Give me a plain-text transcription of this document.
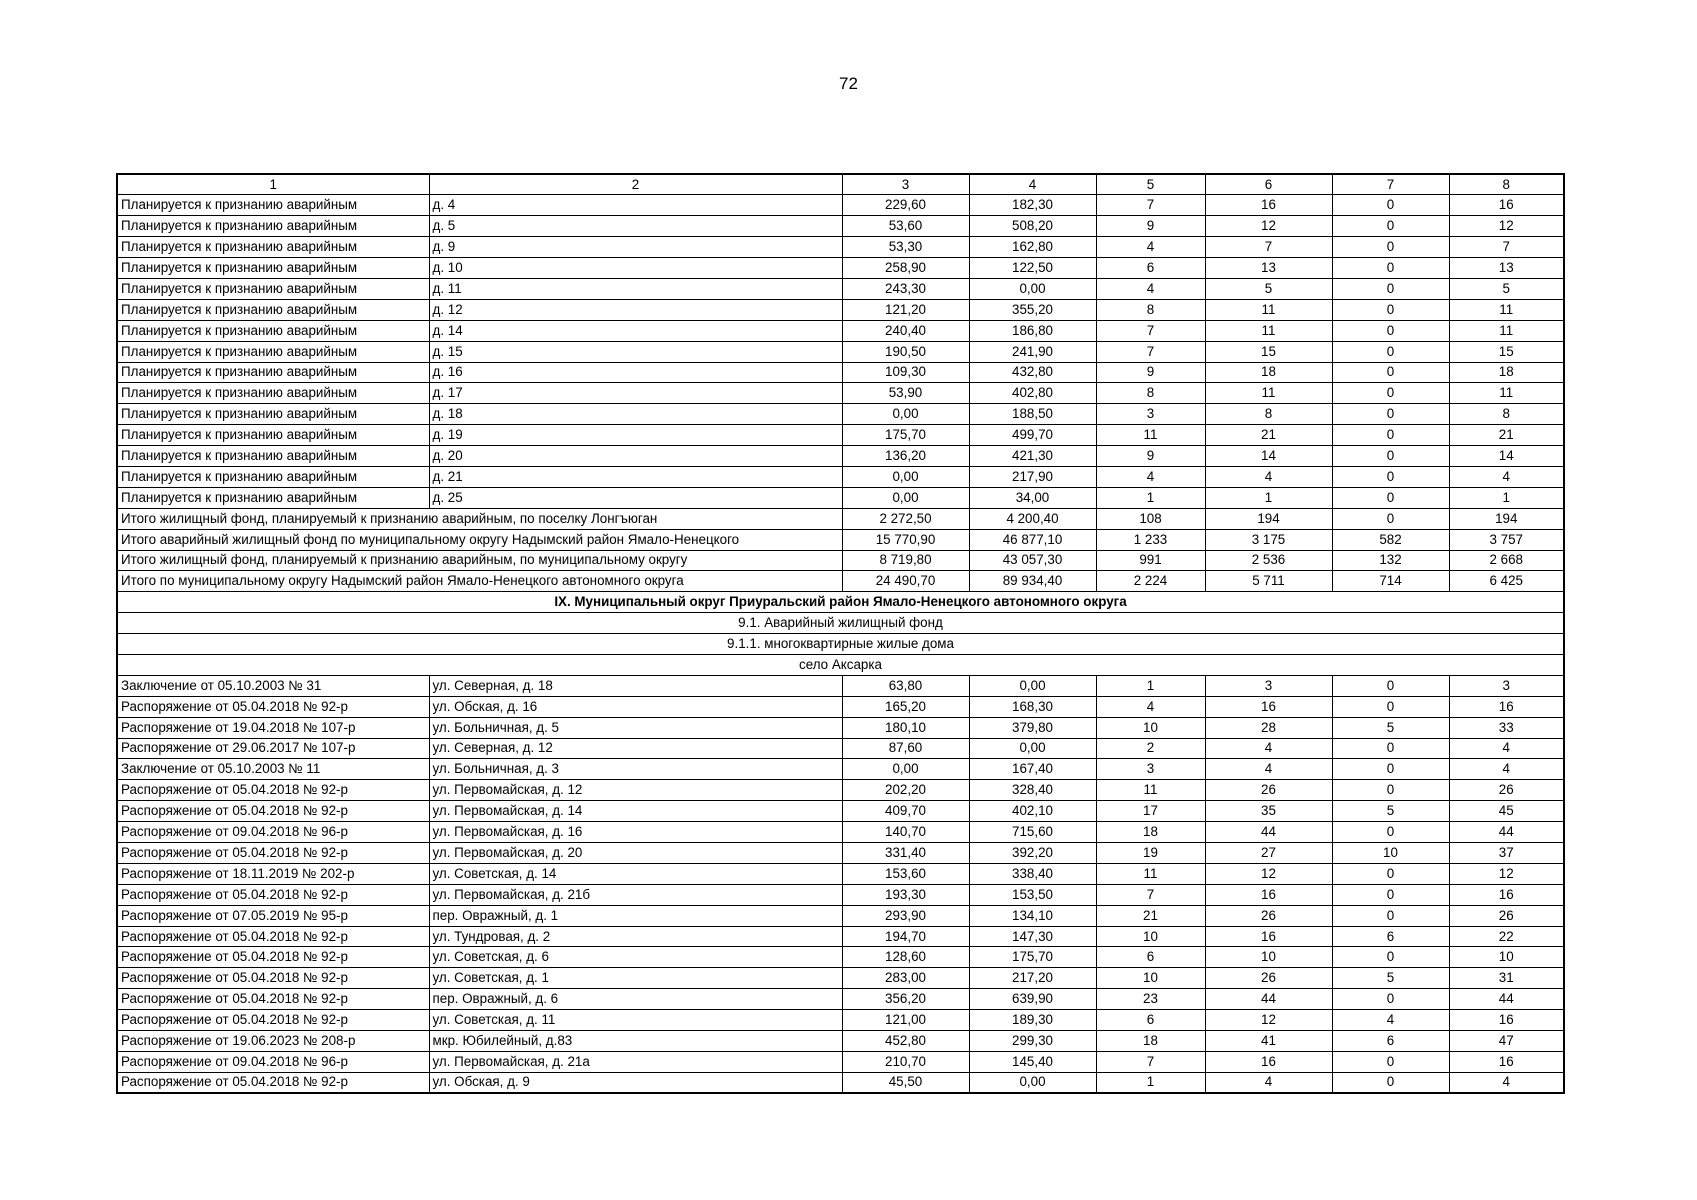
72
1	2	3	4	5	6	7	8
Планируется к признанию аварийным	д. 4	229,60	182,30	7	16	0	16
Планируется к признанию аварийным	д. 5	53,60	508,20	9	12	0	12
Планируется к признанию аварийным	д. 9	53,30	162,80	4	7	0	7
Планируется к признанию аварийным	д. 10	258,90	122,50	6	13	0	13
Планируется к признанию аварийным	д. 11	243,30	0,00	4	5	0	5
Планируется к признанию аварийным	д. 12	121,20	355,20	8	11	0	11
Планируется к признанию аварийным	д. 14	240,40	186,80	7	11	0	11
Планируется к признанию аварийным	д. 15	190,50	241,90	7	15	0	15
Планируется к признанию аварийным	д. 16	109,30	432,80	9	18	0	18
Планируется к признанию аварийным	д. 17	53,90	402,80	8	11	0	11
Планируется к признанию аварийным	д. 18	0,00	188,50	3	8	0	8
Планируется к признанию аварийным	д. 19	175,70	499,70	11	21	0	21
Планируется к признанию аварийным	д. 20	136,20	421,30	9	14	0	14
Планируется к признанию аварийным	д. 21	0,00	217,90	4	4	0	4
Планируется к признанию аварийным	д. 25	0,00	34,00	1	1	0	1
Итого жилищный фонд, планируемый к признанию аварийным, по поселку Лонгъюган		2 272,50	4 200,40	108	194	0	194
Итого аварийный жилищный фонд по муниципальному округу Надымский район Ямало-Ненецкого		15 770,90	46 877,10	1 233	3 175	582	3 757
Итого жилищный фонд, планируемый к признанию аварийным, по муниципальному округу		8 719,80	43 057,30	991	2 536	132	2 668
Итого по муниципальному округу Надымский район Ямало-Ненецкого автономного округа		24 490,70	89 934,40	2 224	5 711	714	6 425
IX. Муниципальный округ Приуральский район Ямало-Ненецкого автономного округа							
9.1. Аварийный жилищный фонд							
9.1.1. многоквартирные жилые дома							
село Аксарка							
Заключение от 05.10.2003 № 31	ул. Северная, д. 18	63,80	0,00	1	3	0	3
Распоряжение от 05.04.2018 № 92-р	ул. Обская, д. 16	165,20	168,30	4	16	0	16
Распоряжение от 19.04.2018 № 107-р	ул. Больничная, д. 5	180,10	379,80	10	28	5	33
Распоряжение от 29.06.2017 № 107-р	ул. Северная, д. 12	87,60	0,00	2	4	0	4
Заключение от 05.10.2003 № 11	ул. Больничная, д. 3	0,00	167,40	3	4	0	4
Распоряжение от 05.04.2018 № 92-р	ул. Первомайская, д. 12	202,20	328,40	11	26	0	26
Распоряжение от 05.04.2018 № 92-р	ул. Первомайская, д. 14	409,70	402,10	17	35	5	45
Распоряжение от 09.04.2018 № 96-р	ул. Первомайская, д. 16	140,70	715,60	18	44	0	44
Распоряжение от 05.04.2018 № 92-р	ул. Первомайская, д. 20	331,40	392,20	19	27	10	37
Распоряжение от 18.11.2019 № 202-р	ул. Советская, д. 14	153,60	338,40	11	12	0	12
Распоряжение от 05.04.2018 № 92-р	ул. Первомайская, д. 21б	193,30	153,50	7	16	0	16
Распоряжение от 07.05.2019 № 95-р	пер. Овражный, д. 1	293,90	134,10	21	26	0	26
Распоряжение от 05.04.2018 № 92-р	ул. Тундровая, д. 2	194,70	147,30	10	16	6	22
Распоряжение от 05.04.2018 № 92-р	ул. Советская, д. 6	128,60	175,70	6	10	0	10
Распоряжение от 05.04.2018 № 92-р	ул. Советская, д. 1	283,00	217,20	10	26	5	31
Распоряжение от 05.04.2018 № 92-р	пер. Овражный, д. 6	356,20	639,90	23	44	0	44
Распоряжение от 05.04.2018 № 92-р	ул. Советская, д. 11	121,00	189,30	6	12	4	16
Распоряжение от 19.06.2023 № 208-р	мкр. Юбилейный, д.83	452,80	299,30	18	41	6	47
Распоряжение от 09.04.2018 № 96-р	ул. Первомайская, д. 21а	210,70	145,40	7	16	0	16
Распоряжение от 05.04.2018 № 92-р	ул. Обская, д. 9	45,50	0,00	1	4	0	4
